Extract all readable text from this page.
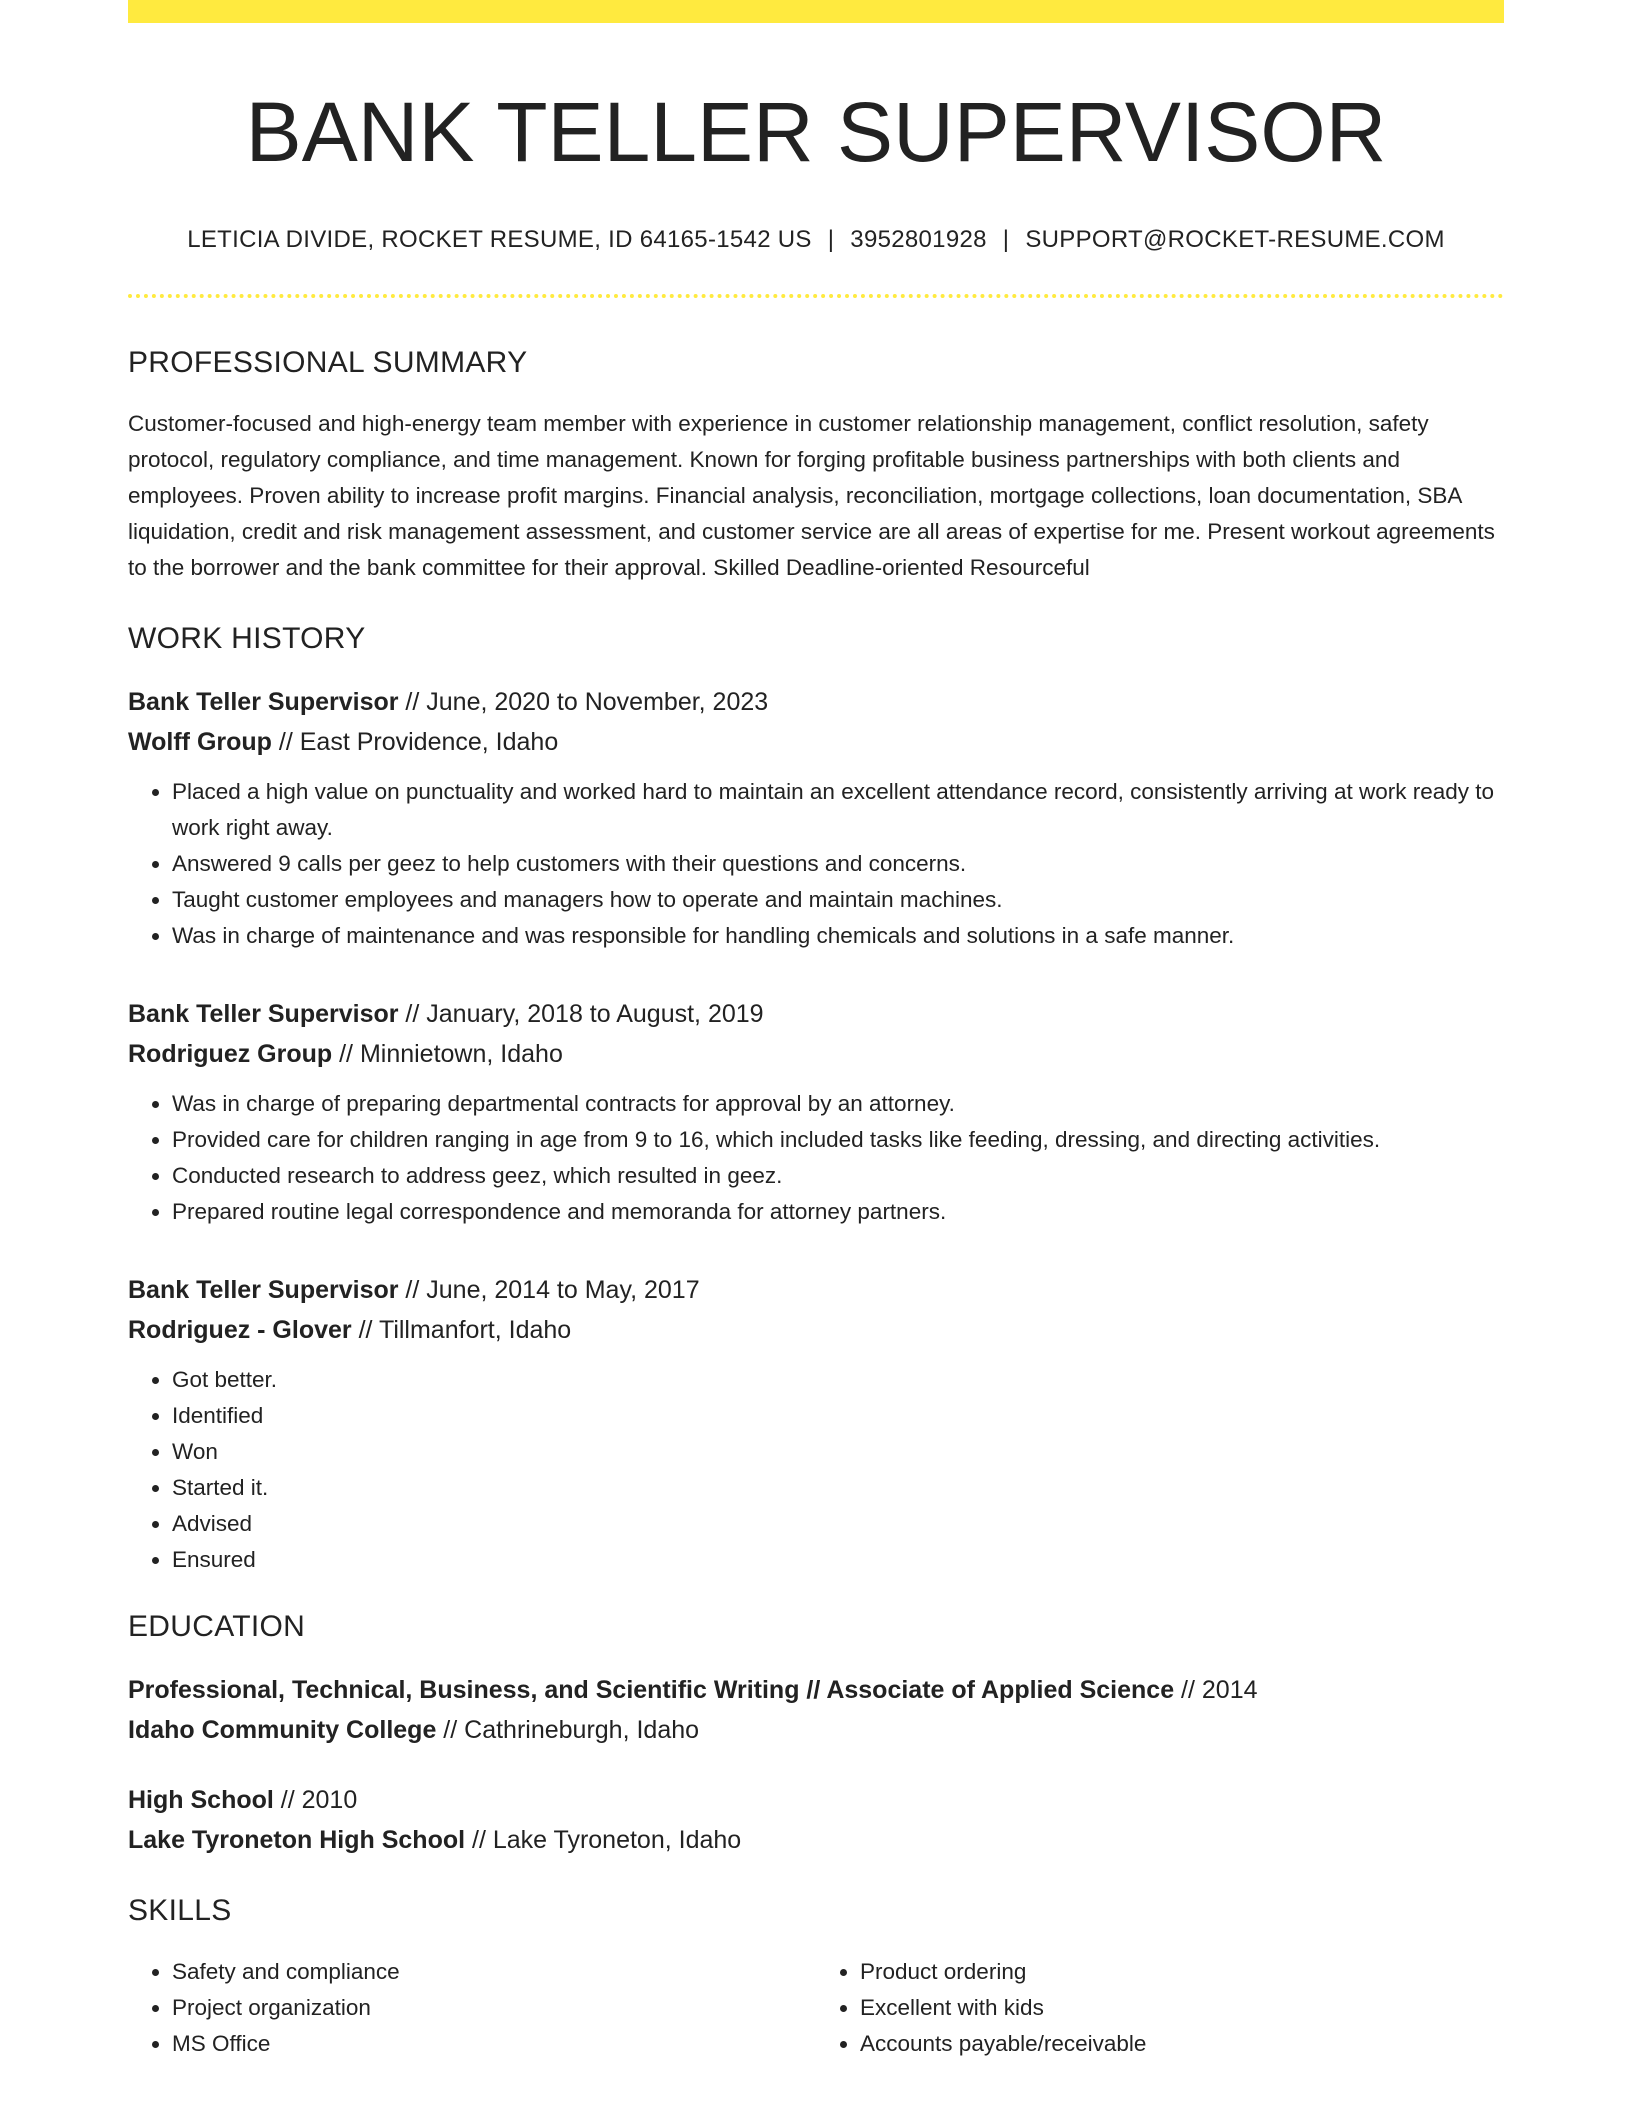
BANK TELLER SUPERVISOR
LETICIA DIVIDE, ROCKET RESUME, ID 64165-1542 US | 3952801928 | SUPPORT@ROCKET-RESUME.COM
PROFESSIONAL SUMMARY
Customer-focused and high-energy team member with experience in customer relationship management, conflict resolution, safety protocol, regulatory compliance, and time management. Known for forging profitable business partnerships with both clients and employees. Proven ability to increase profit margins. Financial analysis, reconciliation, mortgage collections, loan documentation, SBA liquidation, credit and risk management assessment, and customer service are all areas of expertise for me. Present workout agreements to the borrower and the bank committee for their approval. Skilled Deadline-oriented Resourceful
WORK HISTORY
Bank Teller Supervisor // June, 2020 to November, 2023
Wolff Group // East Providence, Idaho
• Placed a high value on punctuality and worked hard to maintain an excellent attendance record, consistently arriving at work ready to work right away.
• Answered 9 calls per geez to help customers with their questions and concerns.
• Taught customer employees and managers how to operate and maintain machines.
• Was in charge of maintenance and was responsible for handling chemicals and solutions in a safe manner.
Bank Teller Supervisor // January, 2018 to August, 2019
Rodriguez Group // Minnietown, Idaho
• Was in charge of preparing departmental contracts for approval by an attorney.
• Provided care for children ranging in age from 9 to 16, which included tasks like feeding, dressing, and directing activities.
• Conducted research to address geez, which resulted in geez.
• Prepared routine legal correspondence and memoranda for attorney partners.
Bank Teller Supervisor // June, 2014 to May, 2017
Rodriguez - Glover // Tillmanfort, Idaho
• Got better.
• Identified
• Won
• Started it.
• Advised
• Ensured
EDUCATION
Professional, Technical, Business, and Scientific Writing // Associate of Applied Science // 2014
Idaho Community College // Cathrineburgh, Idaho
High School // 2010
Lake Tyroneton High School // Lake Tyroneton, Idaho
SKILLS
• Safety and compliance
• Project organization
• MS Office
• Product ordering
• Excellent with kids
• Accounts payable/receivable
